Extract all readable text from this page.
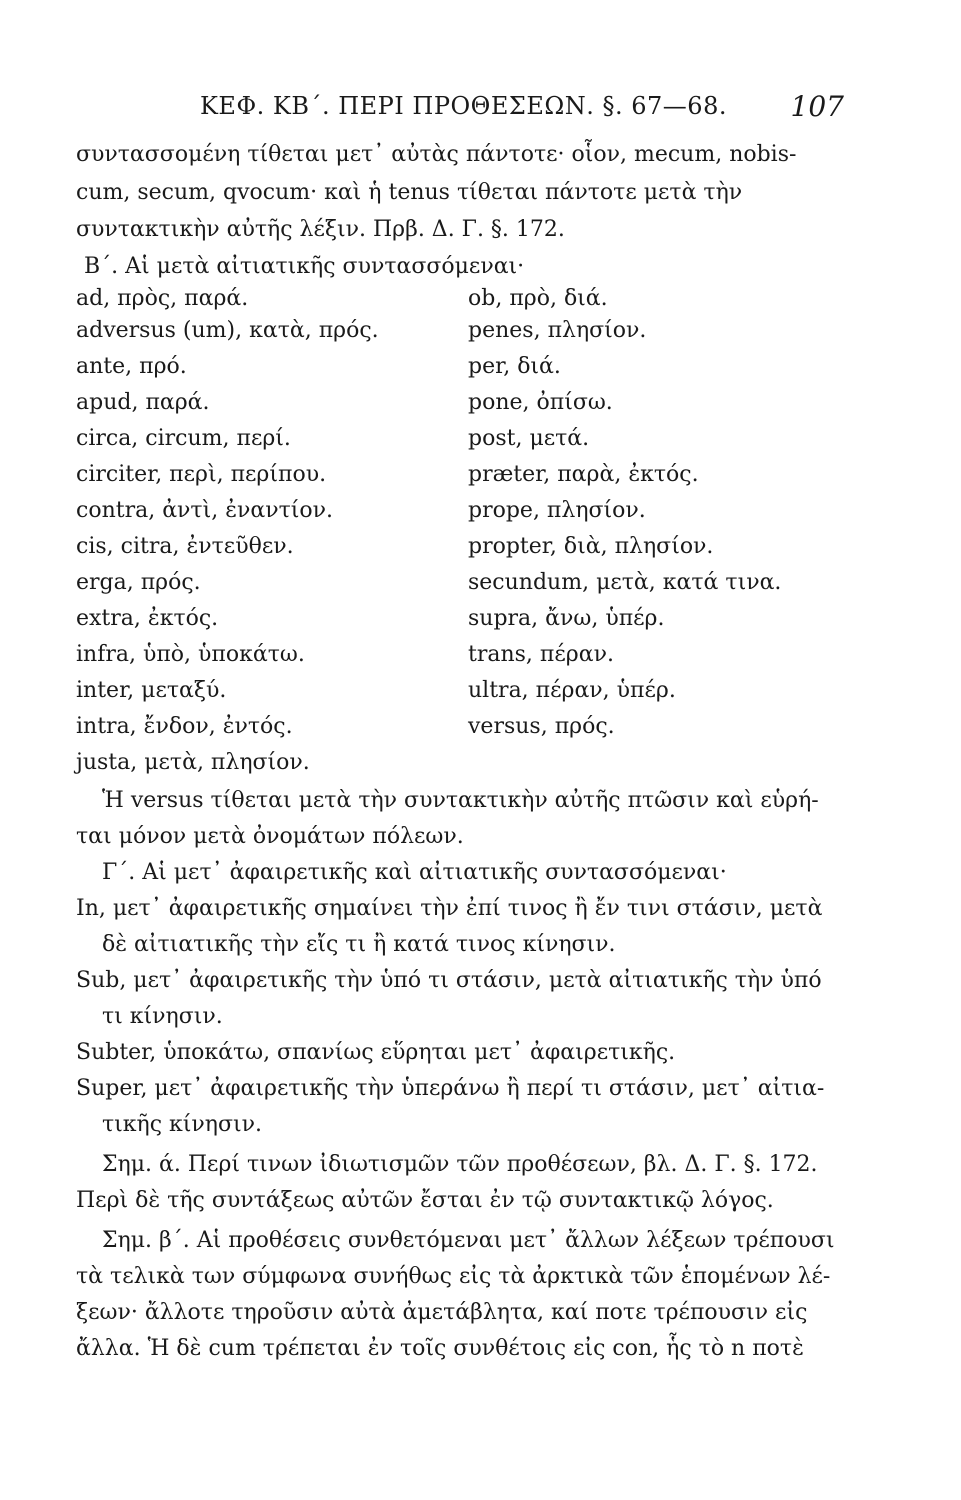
ΚΕΦ. ΚΒ΄. ΠΕΡΙ ΠΡΟΘΕΣΕΩΝ. §. 67—68. 107
συντασσομένη τίθεται μετ᾽ αὐτὰς πάντοτε· οἷον, mecum, nobis-
cum, secum, qvocum· καὶ ἡ tenus τίθεται πάντοτε μετὰ τὴν
συντακτικὴν αὐτῆς λέξιν. Πρβ. Δ. Γ. §. 172.
Β΄. Αἱ μετὰ αἰτιατικῆς συντασσόμεναι·
ad, πρὸς, παρά.
adversus (um), κατὰ, πρός.
ante, πρό.
apud, παρά.
circa, circum, περί.
circiter, περὶ, περίπου.
contra, ἀντὶ, ἐναντίον.
cis, citra, ἐντεῦθεν.
erga, πρός.
extra, ἐκτός.
infra, ὑπὸ, ὑποκάτω.
inter, μεταξύ.
intra, ἔνδον, ἐντός.
justa, μετὰ, πλησίον.
ob, πρὸ, διά.
penes, πλησίον.
per, διά.
pone, ὀπίσω.
post, μετά.
præter, παρὰ, ἐκτός.
prope, πλησίον.
propter, διὰ, πλησίον.
secundum, μετὰ, κατά τινα.
supra, ἄνω, ὑπέρ.
trans, πέραν.
ultra, πέραν, ὑπέρ.
versus, πρός.
Ἡ versus τίθεται μετὰ τὴν συντακτικὴν αὐτῆς πτῶσιν καὶ εὑρή-
ται μόνον μετὰ ὀνομάτων πόλεων.
Γ΄. Αἱ μετ᾽ ἀφαιρετικῆς καὶ αἰτιατικῆς συντασσόμεναι·
In, μετ᾽ ἀφαιρετικῆς σημαίνει τὴν ἐπί τινος ἢ ἔν τινι στάσιν, μετὰ
δὲ αἰτιατικῆς τὴν εἴς τι ἢ κατά τινος κίνησιν.
Sub, μετ᾽ ἀφαιρετικῆς τὴν ὑπό τι στάσιν, μετὰ αἰτιατικῆς τὴν ὑπό
τι κίνησιν.
Subter, ὑποκάτω, σπανίως εὕρηται μετ᾽ ἀφαιρετικῆς.
Super, μετ᾽ ἀφαιρετικῆς τὴν ὑπεράνω ἢ περί τι στάσιν, μετ᾽ αἰτια-
τικῆς κίνησιν.
Σημ. ά. Περί τινων ἰδιωτισμῶν τῶν προθέσεων, βλ. Δ. Γ. §. 172.
Περὶ δὲ τῆς συντάξεως αὐτῶν ἔσται ἐν τῷ συντακτικῷ λόγος.
Σημ. β΄. Αἱ προθέσεις συνθετόμεναι μετ᾽ ἄλλων λέξεων τρέπουσι
τὰ τελικὰ των σύμφωνα συνήθως εἰς τὰ ἀρκτικὰ τῶν ἑπομένων λέ-
ξεων· ἄλλοτε τηροῦσιν αὐτὰ ἀμετάβλητα, καί ποτε τρέπουσιν εἰς
ἄλλα. Ἡ δὲ cum τρέπεται ἐν τοῖς συνθέτοις εἰς con, ἧς τὸ n ποτὲ
